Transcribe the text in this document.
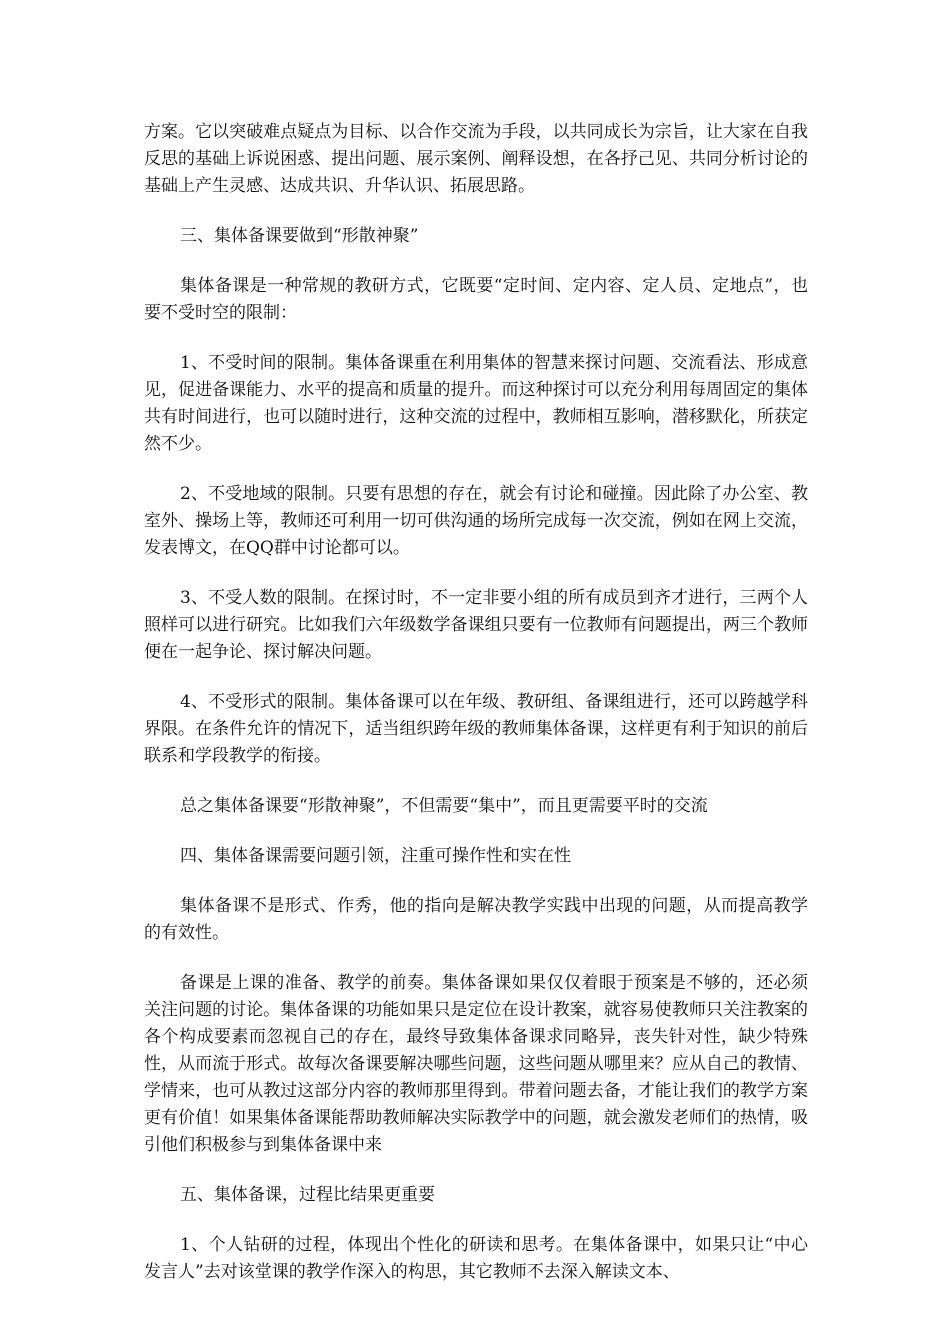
方案。它以突破难点疑点为目标、以合作交流为手段，以共同成长为宗旨，让大家在自我反思的基础上诉说困惑、提出问题、展示案例、阐释设想，在各抒己见、共同分析讨论的基础上产生灵感、达成共识、升华认识、拓展思路。

三、集体备课要做到“形散神聚”

集体备课是一种常规的教研方式，它既要“定时间、定内容、定人员、定地点”，也要不受时空的限制：

1、不受时间的限制。集体备课重在利用集体的智慧来探讨问题、交流看法、形成意见，促进备课能力、水平的提高和质量的提升。而这种探讨可以充分利用每周固定的集体共有时间进行，也可以随时进行，这种交流的过程中，教师相互影响，潜移默化，所获定然不少。

2、不受地域的限制。只要有思想的存在，就会有讨论和碰撞。因此除了办公室、教室外、操场上等，教师还可利用一切可供沟通的场所完成每一次交流，例如在网上交流，发表博文，在QQ群中讨论都可以。

3、不受人数的限制。在探讨时，不一定非要小组的所有成员到齐才进行，三两个人照样可以进行研究。比如我们六年级数学备课组只要有一位教师有问题提出，两三个教师便在一起争论、探讨解决问题。

4、不受形式的限制。集体备课可以在年级、教研组、备课组进行，还可以跨越学科界限。在条件允许的情况下，适当组织跨年级的教师集体备课，这样更有利于知识的前后联系和学段教学的衔接。

总之集体备课要“形散神聚”，不但需要“集中”，而且更需要平时的交流

四、集体备课需要问题引领，注重可操作性和实在性

集体备课不是形式、作秀，他的指向是解决教学实践中出现的问题，从而提高教学的有效性。

备课是上课的准备、教学的前奏。集体备课如果仅仅着眼于预案是不够的，还必须关注问题的讨论。集体备课的功能如果只是定位在设计教案，就容易使教师只关注教案的各个构成要素而忽视自己的存在，最终导致集体备课求同略异，丧失针对性，缺少特殊性，从而流于形式。故每次备课要解决哪些问题，这些问题从哪里来？应从自己的教情、学情来，也可从教过这部分内容的教师那里得到。带着问题去备，才能让我们的教学方案更有价值！如果集体备课能帮助教师解决实际教学中的问题，就会激发老师们的热情，吸引他们积极参与到集体备课中来

五、集体备课，过程比结果更重要

1、个人钻研的过程，体现出个性化的研读和思考。在集体备课中，如果只让“中心发言人”去对该堂课的教学作深入的构思，其它教师不去深入解读文本、
